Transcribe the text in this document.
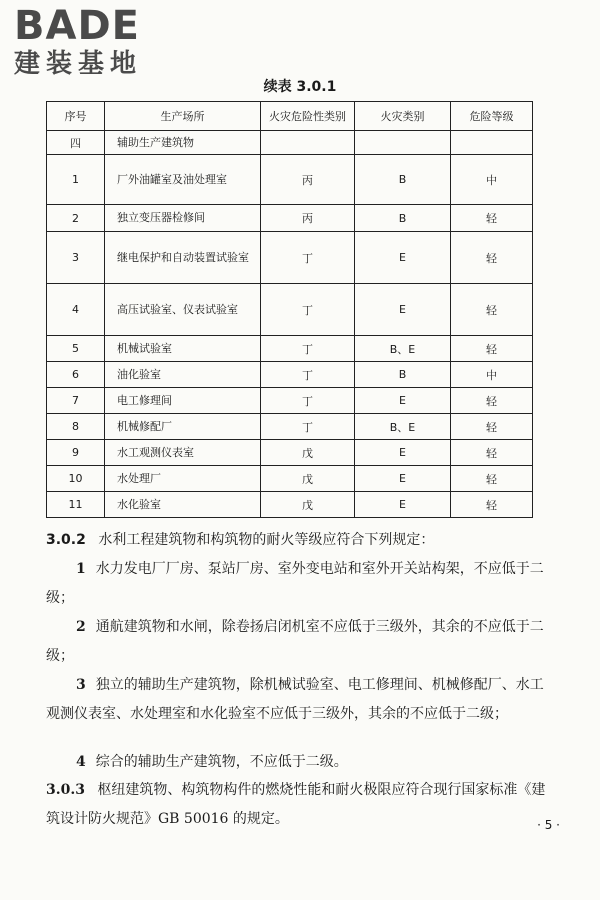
BADE
建装基地
续表 3.0.1
序号	生产场所	火灾危险性类别	火灾类别	危险等级
四	辅助生产建筑物			
1	厂外油罐室及油处理室	丙	B	中
2	独立变压器检修间	丙	B	轻
3	继电保护和自动装置试验室	丁	E	轻
4	高压试验室、仪表试验室	丁	E	轻
5	机械试验室	丁	B、E	轻
6	油化验室	丁	B	中
7	电工修理间	丁	E	轻
8	机械修配厂	丁	B、E	轻
9	水工观测仪表室	戊	E	轻
10	水处理厂	戊	E	轻
11	水化验室	戊	E	轻
3.0.2 水利工程建筑物和构筑物的耐火等级应符合下列规定：
1 水力发电厂厂房、泵站厂房、室外变电站和室外开关站构架，不应低于二级；
2 通航建筑物和水闸，除卷扬启闭机室不应低于三级外，其余的不应低于二级；
3 独立的辅助生产建筑物，除机械试验室、电工修理间、机械修配厂、水工观测仪表室、水处理室和水化验室不应低于三级外，其余的不应低于二级；
4 综合的辅助生产建筑物，不应低于二级。
3.0.3 枢纽建筑物、构筑物构件的燃烧性能和耐火极限应符合现行国家标准《建筑设计防火规范》GB 50016 的规定。	· 5 ·
